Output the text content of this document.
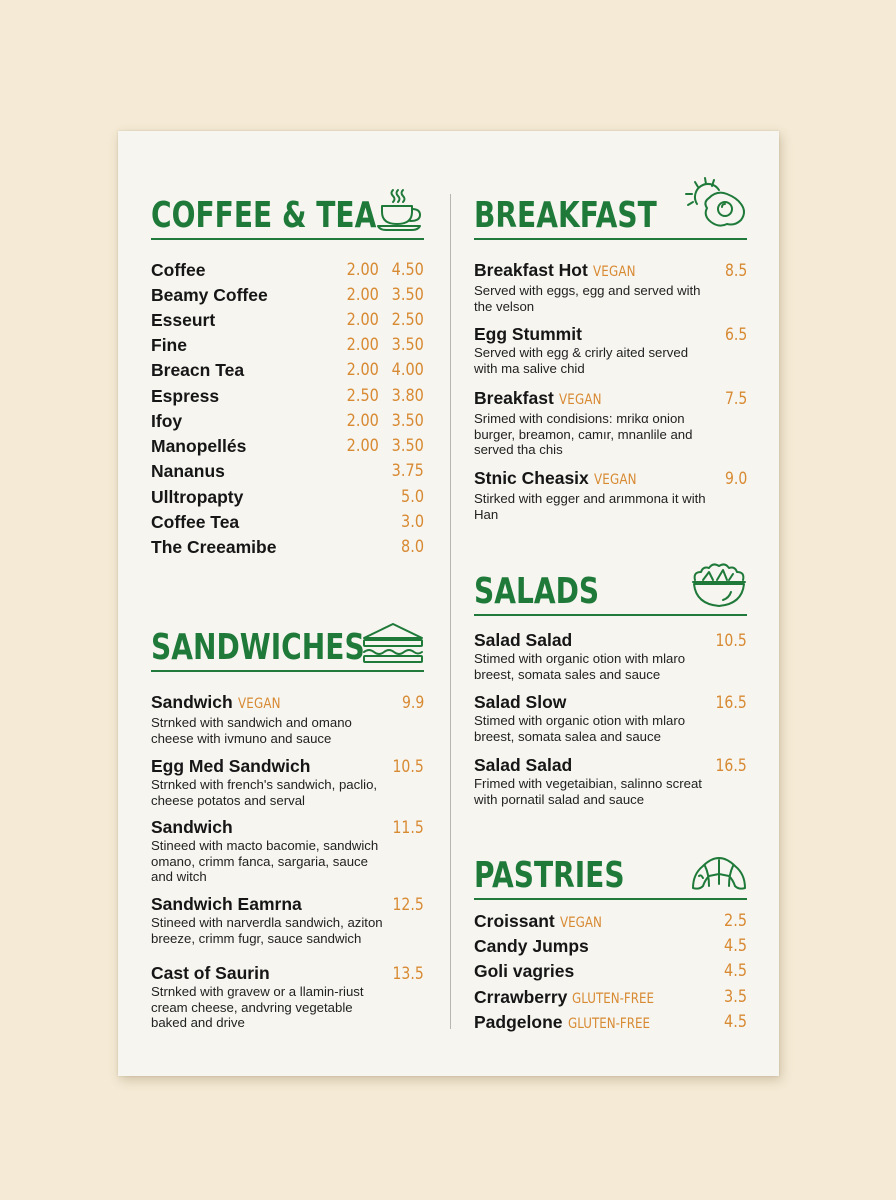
COFFEE & TEA
Coffee	2.00 4.50
Beamy Coffee	2.00 3.50
Esseurt	2.00 2.50
Fine	2.00 3.50
Breacn Tea	2.00 4.00
Espress	2.50 3.80
Ifoy	2.00 3.50
Manopellés	2.00 3.50
Nananus	3.75
Ulltropapty	5.0
Coffee Tea	3.0
The Creeamibe	8.0
SANDWICHES
Sandwich VEGAN	9.9
Strnked with sandwich and omano cheese with ivmuno and sauce
Egg Med Sandwich	10.5
Strnked with french's sandwich, paclio, cheese potatos and serval
Sandwich	11.5
Stineed with macto bacomie, sandwich omano, crimm fanca, sargaria, sauce and witch
Sandwich Eamrna	12.5
Stineed with narverdla sandwich, aziton breeze, crimm fugr, sauce sandwich
Cast of Saurin	13.5
Strnked with gravew or a llamin-riust cream cheese, andvring vegetable baked and drive
BREAKFAST
Breakfast Hot VEGAN	8.5
Served with eggs, egg and served with the velson
Egg Stummit	6.5
Served with egg & crirly aited served with ma salive chid
Breakfast VEGAN	7.5
Srimed with condisions: mrikα onion burger, breamon, camır, mnanlile and served tha chis
Stnic Cheasix VEGAN	9.0
Stirked with egger and arımmona it with Han
SALADS
Salad Salad	10.5
Stimed with organic otion with mlaro breest, somata sales and sauce
Salad Slow	16.5
Stimed with organic otion with mlaro breest, somata salea and sauce
Salad Salad	16.5
Frimed with vegetaibian, salinno screat with pornatil salad and sauce
PASTRIES
Croissant VEGAN	2.5
Candy Jumps	4.5
Goli vagries	4.5
Crrawberry GLUTEN-FREE	3.5
Padgelone GLUTEN-FREE	4.5
